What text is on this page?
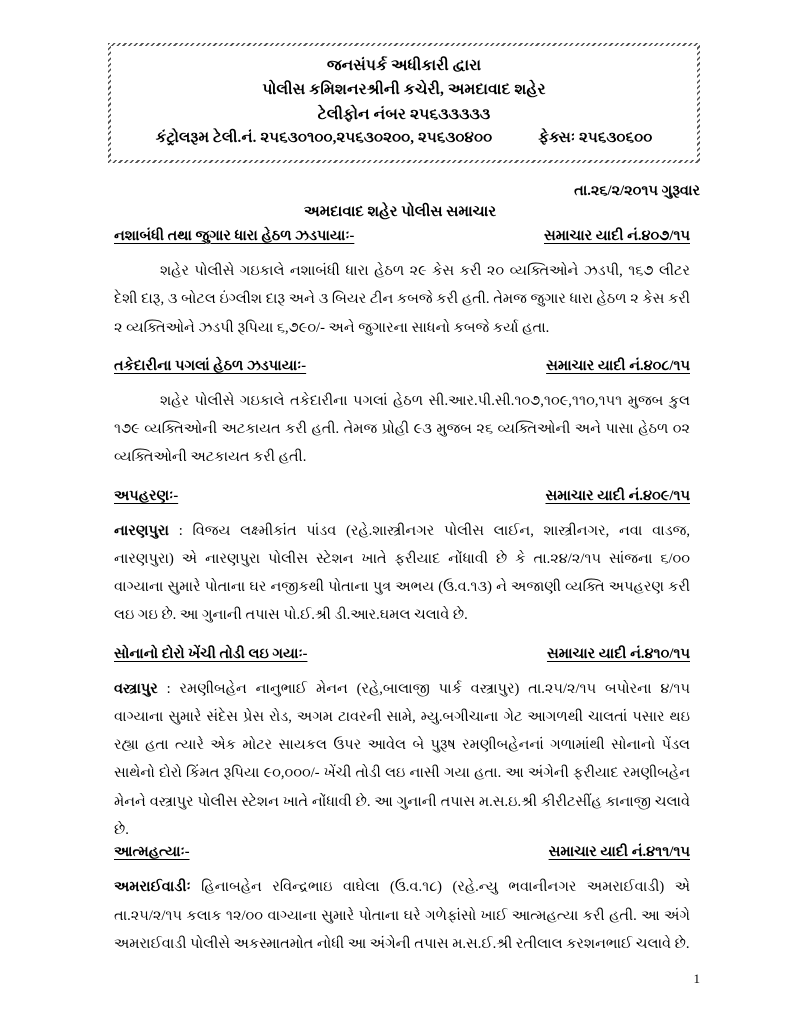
જનસંપર્ક અધીકારી દ્વારા
પોલીસ કમિશનરશ્રીની કચેરી, અમદાવાદ શહેર
ટેલીફોન નંબર ૨૫૬૩૩૩૩૩
કંટ્રોલરૂમ ટેલી.નં. ૨૫૬૩૦૧૦૦,૨૫૬૩૦૨૦૦, ૨૫૬૩૦૪૦૦	ફેક્સઃ ૨૫૬૩૦૬૦૦
તા.૨૬/૨/૨૦૧૫ ગુરૂવાર
અમદાવાદ શહેર પોલીસ સમાચાર
નશાબંધી તથા જુગાર ધારા હેઠળ ઝડપાયાઃ-	સમાચાર યાદી નં.૪૦૭/૧૫

શહેર પોલીસે ગઇકાલે નશાબંધી ધારા હેઠળ ૨૯ કેસ કરી ૨૦ વ્યક્તિઓને ઝડપી, ૧૬૭ લીટર દેશી દારૂ, ૩ બોટલ ઇંગ્લીશ દારૂ અને ૩ બિયર ટીન કબજે કરી હતી. તેમજ જુગાર ધારા હેઠળ ૨ કેસ કરી ૨ વ્યક્તિઓને ઝડપી રૂપિયા ૬,૭૯૦/- અને જુગારના સાધનો કબજે કર્યા હતા.

તકેદારીના પગલાં હેઠળ ઝડપાયાઃ-	સમાચાર યાદી નં.૪૦૮/૧૫

શહેર પોલીસે ગઇકાલે તકેદારીના પગલાં હેઠળ સી.આર.પી.સી.૧૦૭,૧૦૯,૧૧૦,૧૫૧ મુજબ કુલ ૧૭૯ વ્યક્તિઓની અટકાયત કરી હતી. તેમજ પ્રોહી ૯૩ મુજબ ૨૬ વ્યક્તિઓની અને પાસા હેઠળ ૦૨ વ્યક્તિઓની અટકાયત કરી હતી.

અપહરણઃ-	સમાચાર યાદી નં.૪૦૯/૧૫

નારણપુરા : વિજય લક્ષ્મીકાંત પાંડવ (રહે.શાસ્ત્રીનગર પોલીસ લાઈન, શાસ્ત્રીનગર, નવા વાડજ, નારણપુરા) એ નારણપુરા પોલીસ સ્ટેશન ખાતે ફરીયાદ નોંધાવી છે કે તા.૨૪/૨/૧૫ સાંજના ૬/૦૦ વાગ્યાના સુમારે પોતાના ઘર નજીકથી પોતાના પુત્ર અભય (ઉ.વ.૧૩) ને અજાણી વ્યક્તિ અપહરણ કરી લઇ ગઇ છે. આ ગુનાની તપાસ પો.ઈ.શ્રી ડી.આર.ઘમલ ચલાવે છે.

સોનાનો દોરો ખેંચી તોડી લઇ ગયાઃ-	સમાચાર યાદી નં.૪૧૦/૧૫

વસ્ત્રાપુર : રમણીબહેન નાનુભાઈ મેનન (રહે,બાલાજી પાર્ક વસ્ત્રાપુર) તા.૨૫/૨/૧૫ બપોરના ૪/૧૫ વાગ્યાના સુમારે સંદેસ પ્રેસ રોડ, અગમ ટાવરની સામે, મ્યુ.બગીચાના ગેટ આગળથી ચાલતાં પસાર થઇ રહ્યા હતા ત્યારે એક મોટર સાયકલ ઉપર આવેલ બે પુરૂષ રમણીબહેનનાં ગળામાંથી સોનાનો પેંડલ સાથેનો દોરો કિંમત રૂપિયા ૯૦,૦૦૦/- ખેંચી તોડી લઇ નાસી ગયા હતા. આ અંગેની ફરીયાદ રમણીબહેન મેનને વસ્ત્રાપુર પોલીસ સ્ટેશન ખાતે નોંધાવી છે. આ ગુનાની તપાસ મ.સ.ઇ.શ્રી કીરીટસીંહ કાનાજી ચલાવે છે.

આત્મહત્યાઃ-	સમાચાર યાદી નં.૪૧૧/૧૫

અમરાઈવાડીઃ હિનાબહેન રવિન્દ્રભાઇ વાઘેલા (ઉ.વ.૧૮) (રહે.ન્યુ ભવાનીનગર અમરાઈવાડી) એ તા.૨૫/૨/૧૫ કલાક ૧૨/૦૦ વાગ્યાના સુમારે પોતાના ઘરે ગળેફાંસો ખાઈ આત્મહત્યા કરી હતી. આ અંગે અમરાઈવાડી પોલીસે અકસ્માતમોત નોધી આ અંગેની તપાસ મ.સ.ઈ.શ્રી રતીલાલ કરશનભાઈ ચલાવે છે.

1
